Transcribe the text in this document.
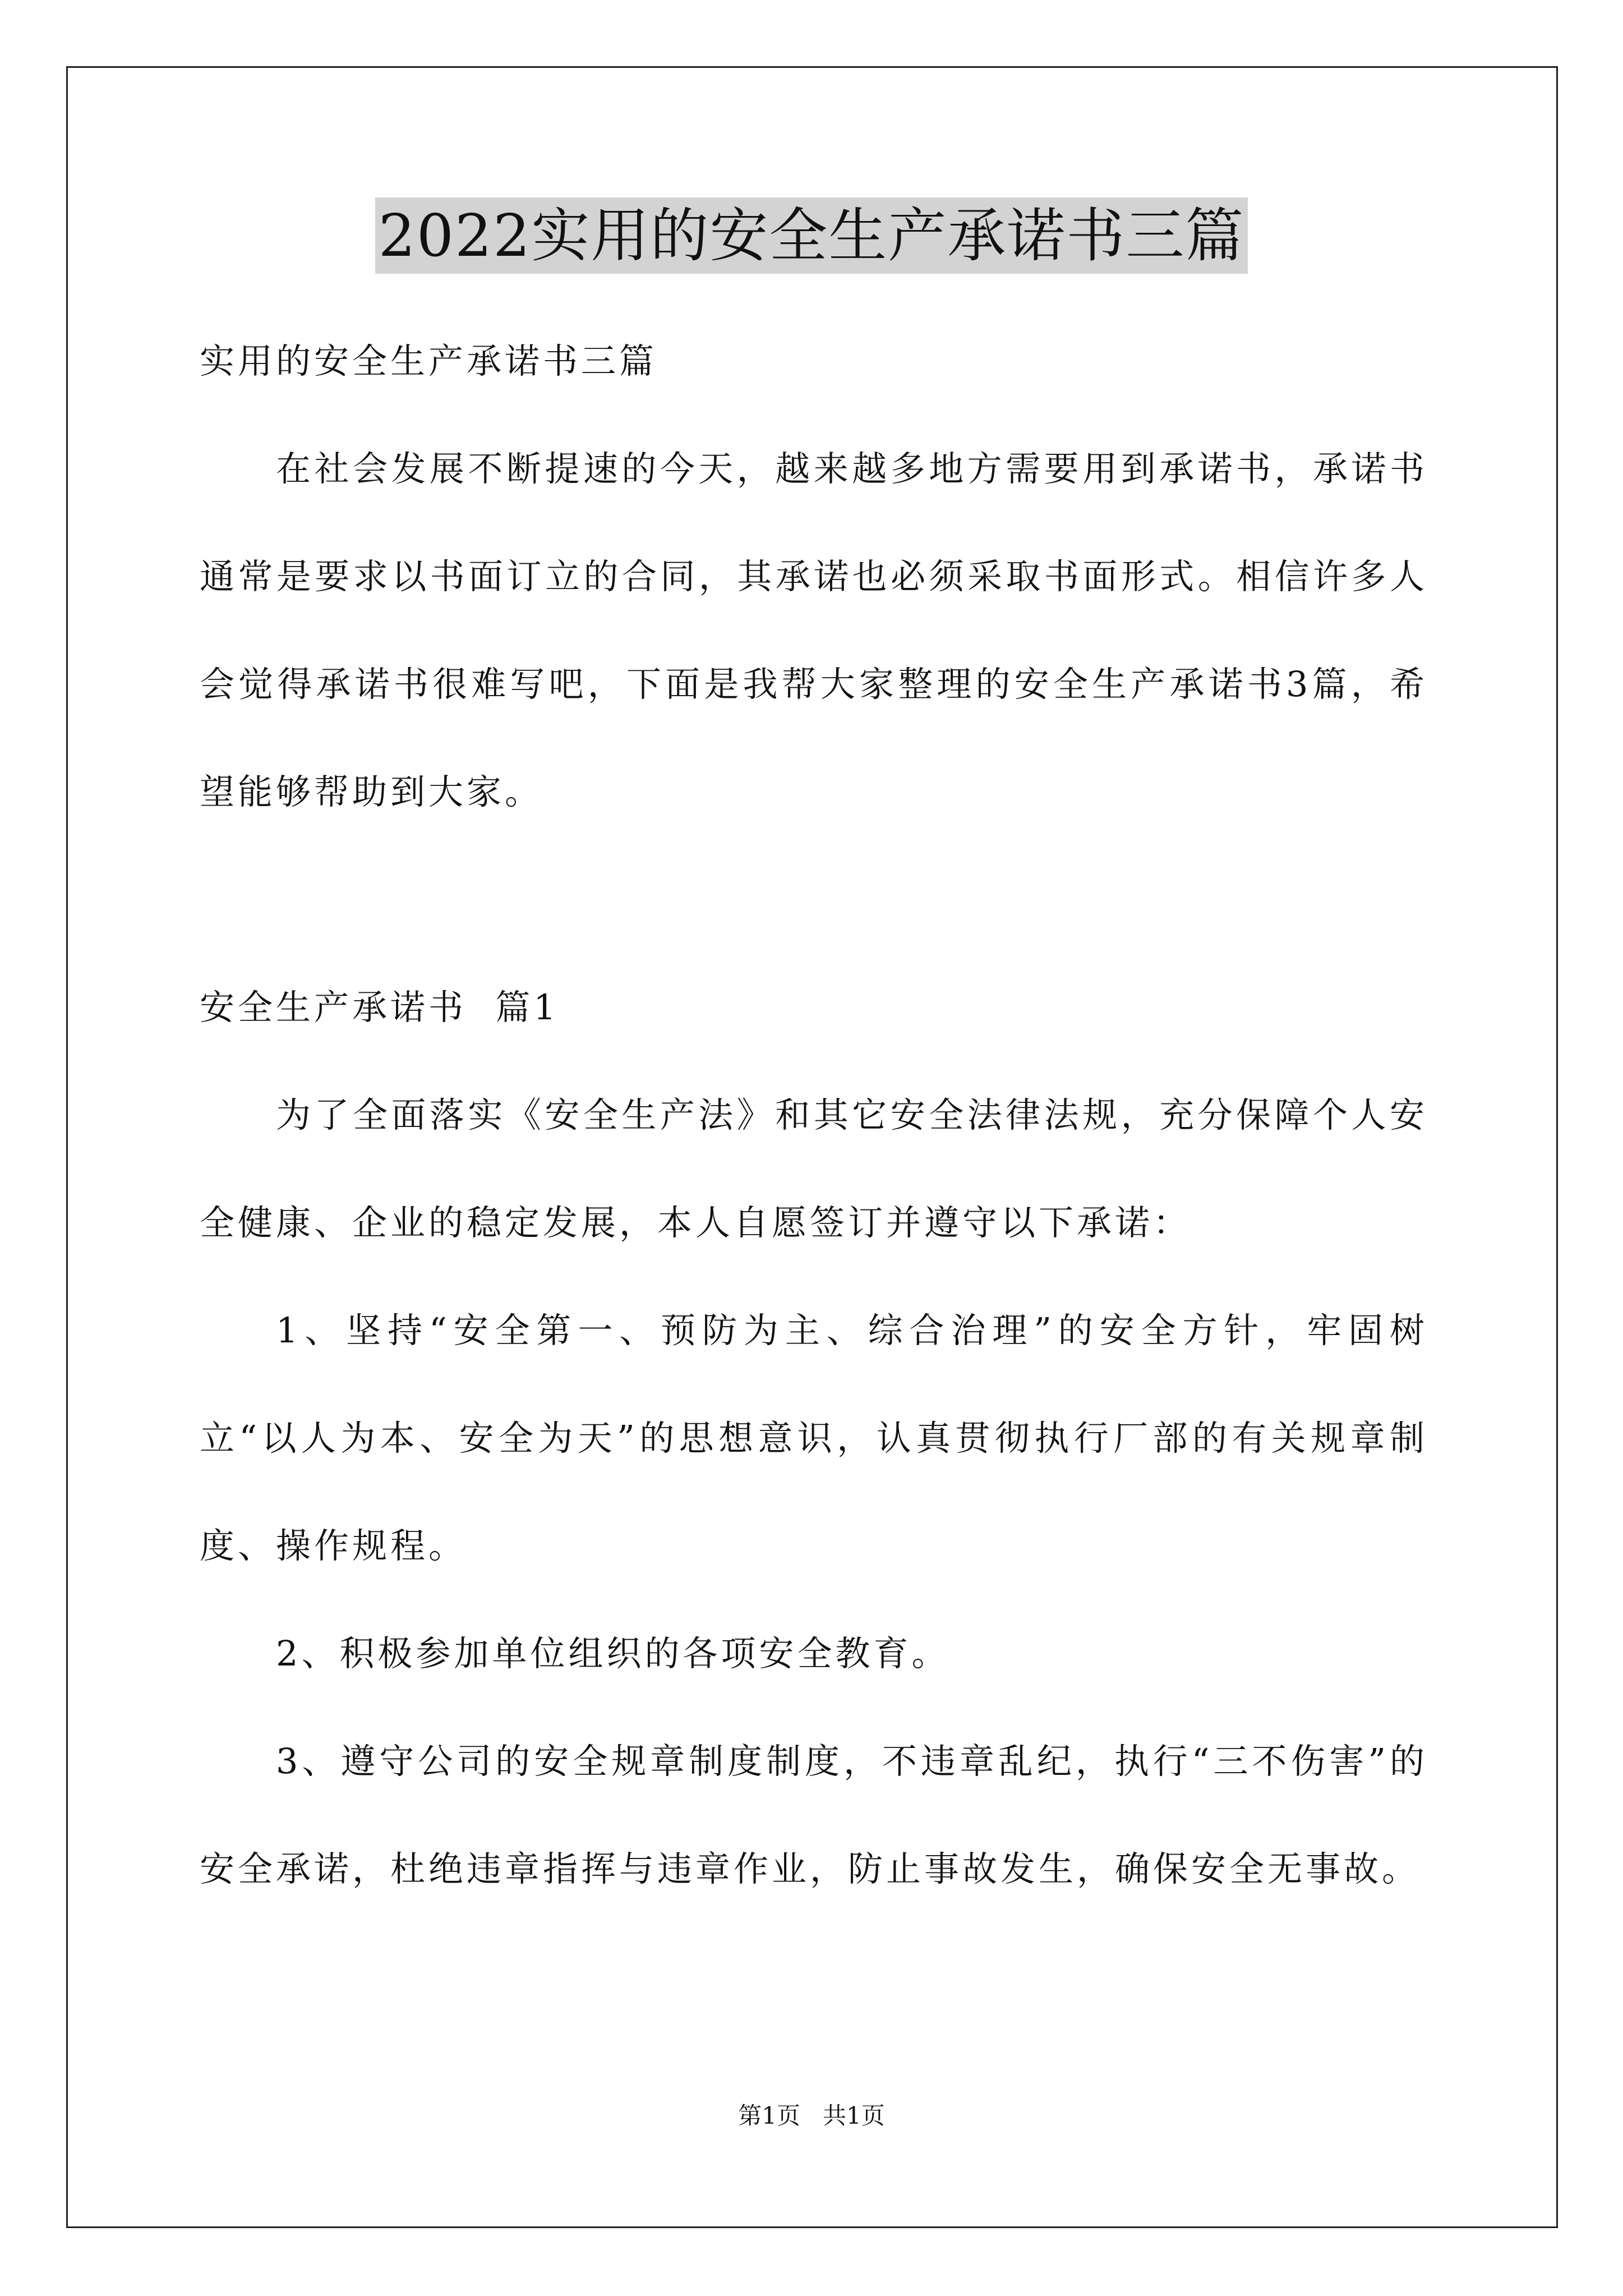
2022实用的安全生产承诺书三篇

实用的安全生产承诺书三篇

在社会发展不断提速的今天，越来越多地方需要用到承诺书，承诺书通常是要求以书面订立的合同，其承诺也必须采取书面形式。相信许多人会觉得承诺书很难写吧，下面是我帮大家整理的安全生产承诺书3篇，希望能够帮助到大家。

安全生产承诺书  篇1

为了全面落实《安全生产法》和其它安全法律法规，充分保障个人安全健康、企业的稳定发展，本人自愿签订并遵守以下承诺：

1、坚持“安全第一、预防为主、综合治理”的安全方针，牢固树立“以人为本、安全为天”的思想意识，认真贯彻执行厂部的有关规章制度、操作规程。

2、积极参加单位组织的各项安全教育。

3、遵守公司的安全规章制度制度，不违章乱纪，执行“三不伤害”的安全承诺，杜绝违章指挥与违章作业，防止事故发生，确保安全无事故。

第1页   共1页
